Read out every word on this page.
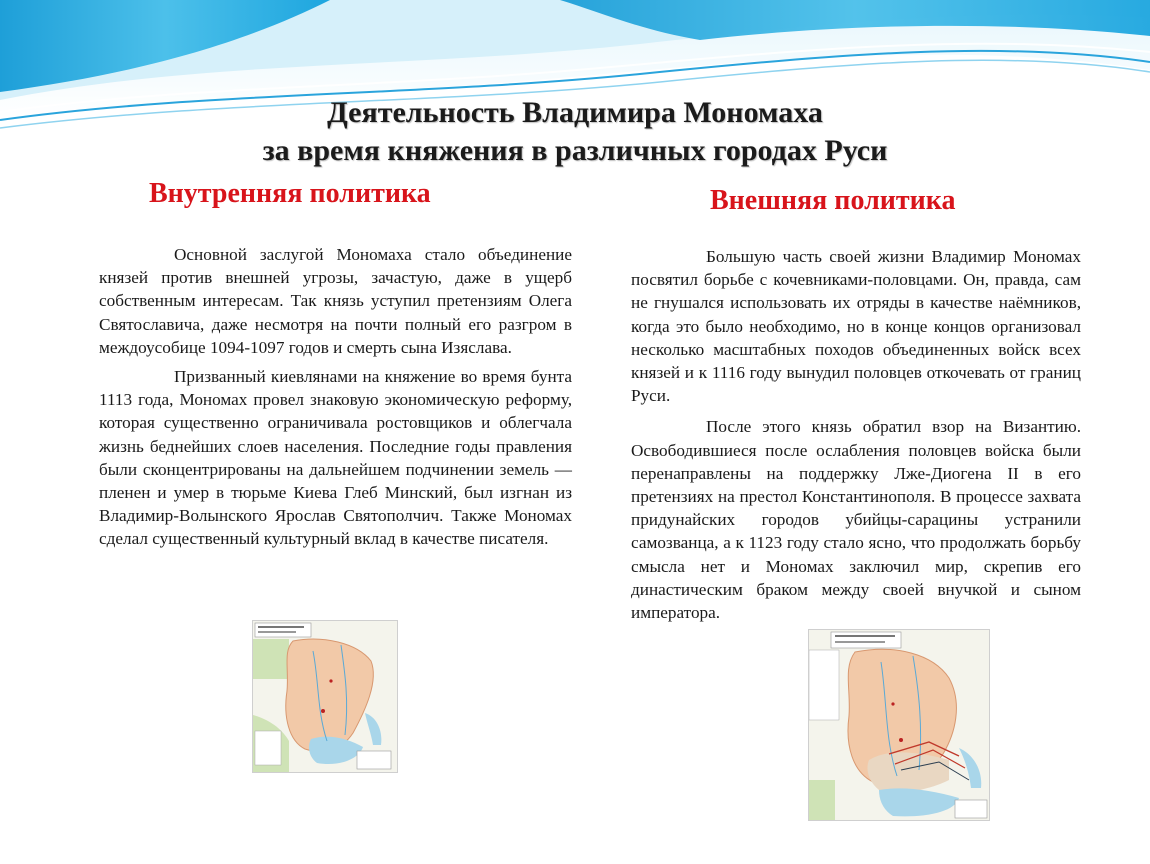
Деятельность Владимира Мономаха
за время княжения в различных городах Руси
Внутренняя политика	Внешняя политика

Основной заслугой Мономаха стало объединение князей против внешней угрозы, зачастую, даже в ущерб собственным интересам. Так князь уступил претензиям Олега Святославича, даже несмотря на почти полный его разгром в междоусобице 1094-1097 годов и смерть сына Изяслава.

Призванный киевлянами на княжение во время бунта 1113 года, Мономах провел знаковую экономическую реформу, которая существенно ограничивала ростовщиков и облегчала жизнь беднейших слоев населения. Последние годы правления были сконцентрированы на дальнейшем подчинении земель — пленен и умер в тюрьме Киева Глеб Минский, был изгнан из Владимир-Волынского Ярослав Святополчич. Также Мономах сделал существенный культурный вклад в качестве писателя.

Большую часть своей жизни Владимир Мономах посвятил борьбе с кочевниками-половцами. Он, правда, сам не гнушался использовать их отряды в качестве наёмников, когда это было необходимо, но в конце концов организовал несколько масштабных походов объединенных войск всех князей и к 1116 году вынудил половцев откочевать от границ Руси.

После этого князь обратил взор на Византию. Освободившиеся после ослабления половцев войска были перенаправлены на поддержку Лже-Диогена II в его претензиях на престол Константинополя. В процессе захвата придунайских городов убийцы-сарацины устранили самозванца, а к 1123 году стало ясно, что продолжать борьбу смысла нет и Мономах заключил мир, скрепив его династическим браком между своей внучкой и сыном императора.
